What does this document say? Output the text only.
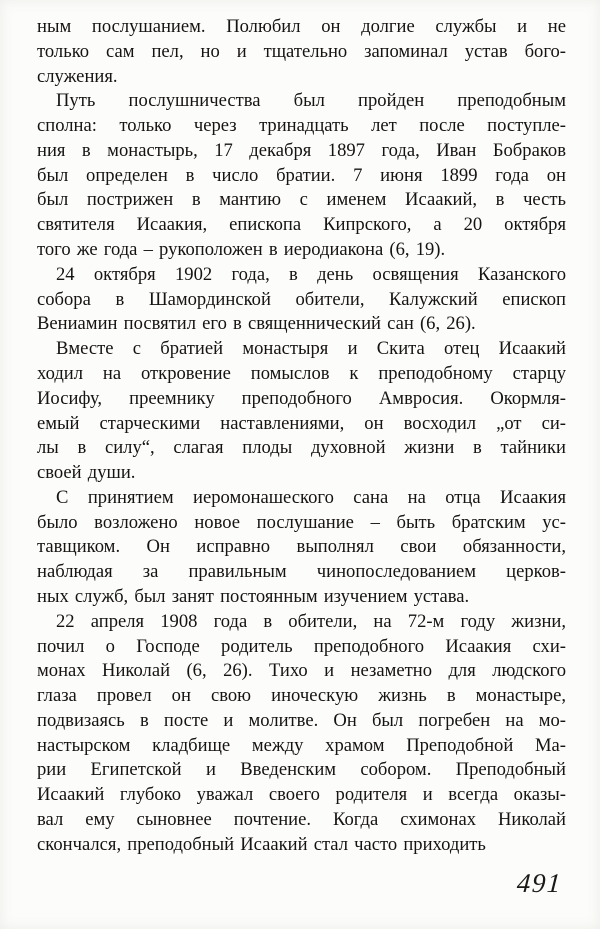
ным послушанием. Полюбил он долгие службы и не
только сам пел, но и тщательно запоминал устав бого-
служения.
Путь послушничества был пройден преподобным
сполна: только через тринадцать лет после поступле-
ния в монастырь, 17 декабря 1897 года, Иван Бобраков
был определен в число братии. 7 июня 1899 года он
был пострижен в мантию с именем Исаакий, в честь
святителя Исаакия, епископа Кипрского, а 20 октября
того же года – рукоположен в иеродиакона (6, 19).
24 октября 1902 года, в день освящения Казанского
собора в Шамординской обители, Калужский епископ
Вениамин посвятил его в священнический сан (6, 26).
Вместе с братией монастыря и Скита отец Исаакий
ходил на откровение помыслов к преподобному старцу
Иосифу, преемнику преподобного Амвросия. Окормля-
емый старческими наставлениями, он восходил „от си-
лы в силу“, слагая плоды духовной жизни в тайники
своей души.
С принятием иеромонашеского сана на отца Исаакия
было возложено новое послушание – быть братским ус-
тавщиком. Он исправно выполнял свои обязанности,
наблюдая за правильным чинопоследованием церков-
ных служб, был занят постоянным изучением устава.
22 апреля 1908 года в обители, на 72-м году жизни,
почил о Господе родитель преподобного Исаакия схи-
монах Николай (6, 26). Тихо и незаметно для людского
глаза провел он свою иноческую жизнь в монастыре,
подвизаясь в посте и молитве. Он был погребен на мо-
настырском кладбище между храмом Преподобной Ма-
рии Египетской и Введенским собором. Преподобный
Исаакий глубоко уважал своего родителя и всегда оказы-
вал ему сыновнее почтение. Когда схимонах Николай
скончался, преподобный Исаакий стал часто приходить
491
